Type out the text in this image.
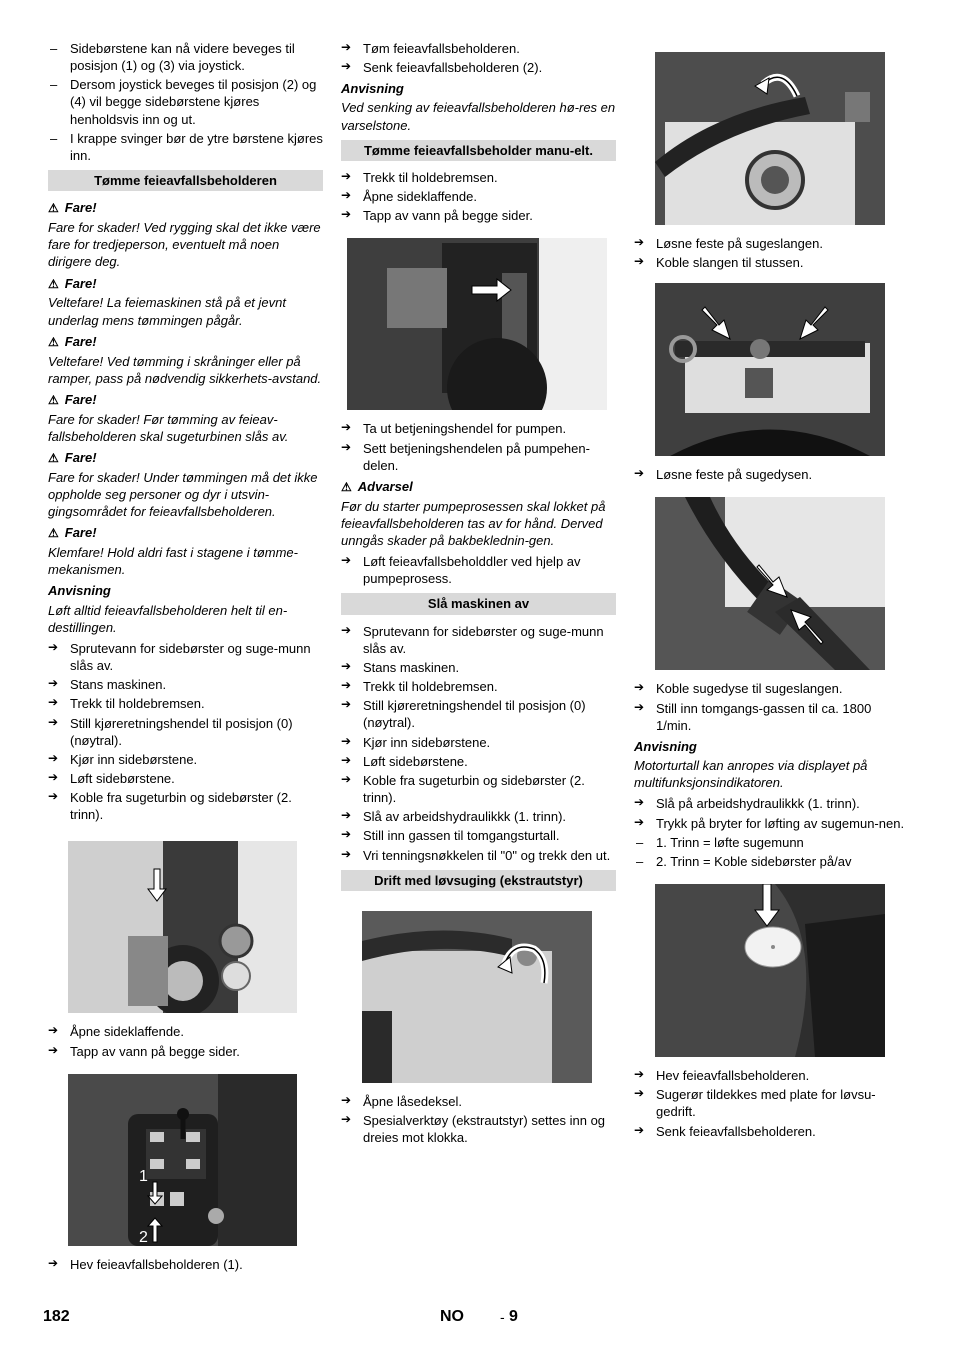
– Sidebørstene kan nå videre beveges til posisjon (1) og (3) via joystick.
– Dersom joystick beveges til posisjon (2) og (4) vil begge sidebørstene kjøres henholdsvis inn og ut.
– I krappe svinger bør de ytre børstene kjøres inn.
Tømme feieavfallsbeholderen
⚠ Fare!
Fare for skader! Ved rygging skal det ikke være fare for tredjeperson, eventuelt må noen dirigere deg.
⚠ Fare!
Veltefare! La feiemaskinen stå på et jevnt underlag mens tømmingen pågår.
⚠ Fare!
Veltefare! Ved tømming i skråninger eller på ramper, pass på nødvendig sikkerhets-avstand.
⚠ Fare!
Fare for skader! Før tømming av feieav-fallsbeholderen skal sugeturbinen slås av.
⚠ Fare!
Fare for skader! Under tømmingen må det ikke oppholde seg personer og dyr i utsvin-gingsområdet for feieavfallsbeholderen.
⚠ Fare!
Klemfare! Hold aldri fast i stagene i tømme-mekanismen.
Anvisning
Løft alltid feieavfallsbeholderen helt til en-destillingen.
➔ Sprutevann for sidebørster og suge-munn slås av.
➔ Stans maskinen.
➔ Trekk til holdebremsen.
➔ Still kjøreretningshendel til posisjon (0) (nøytral).
➔ Kjør inn sidebørstene.
➔ Løft sidebørstene.
➔ Koble fra sugeturbin og sidebørster (2. trinn).
➔ Åpne sideklaffende.
➔ Tapp av vann på begge sider.
1
2
➔ Hev feieavfallsbeholderen (1).
➔ Tøm feieavfallsbeholderen.
➔ Senk feieavfallsbeholderen (2).
Anvisning
Ved senking av feieavfallsbeholderen hø-res en varselstone.
Tømme feieavfallsbeholder manu-elt.
➔ Trekk til holdebremsen.
➔ Åpne sideklaffende.
➔ Tapp av vann på begge sider.
➔ Ta ut betjeningshendel for pumpen.
➔ Sett betjeningshendelen på pumpehen-delen.
⚠ Advarsel
Før du starter pumpeprosessen skal lokket på feieavfallsbeholderen tas av for hånd. Derved unngås skader på bakbeklednin-gen.
➔ Løft feieavfallsbeholddler ved hjelp av pumpeprosess.
Slå maskinen av
➔ Sprutevann for sidebørster og suge-munn slås av.
➔ Stans maskinen.
➔ Trekk til holdebremsen.
➔ Still kjøreretningshendel til posisjon (0) (nøytral).
➔ Kjør inn sidebørstene.
➔ Løft sidebørstene.
➔ Koble fra sugeturbin og sidebørster (2. trinn).
➔ Slå av arbeidshydraulikkk (1. trinn).
➔ Still inn gassen til tomgangsturtall.
➔ Vri tenningsnøkkelen til "0" og trekk den ut.
Drift med løvsuging (ekstrautstyr)
➔ Åpne låsedeksel.
➔ Spesialverktøy (ekstrautstyr) settes inn og dreies mot klokka.
➔ Løsne feste på sugeslangen.
➔ Koble slangen til stussen.
➔ Løsne feste på sugedysen.
➔ Koble sugedyse til sugeslangen.
➔ Still inn tomgangs-gassen til ca. 1800 1/min.
Anvisning
Motorturtall kan anropes via displayet på multifunksjonsindikatoren.
➔ Slå på arbeidshydraulikkk (1. trinn).
➔ Trykk på bryter for løfting av sugemun-nen.
– 1. Trinn = løfte sugemunn
– 2. Trinn = Koble sidebørster på/av
➔ Hev feieavfallsbeholderen.
➔ Sugerør tildekkes med plate for løvsu-gedrift.
➔ Senk feieavfallsbeholderen.
182	NO	- 9
